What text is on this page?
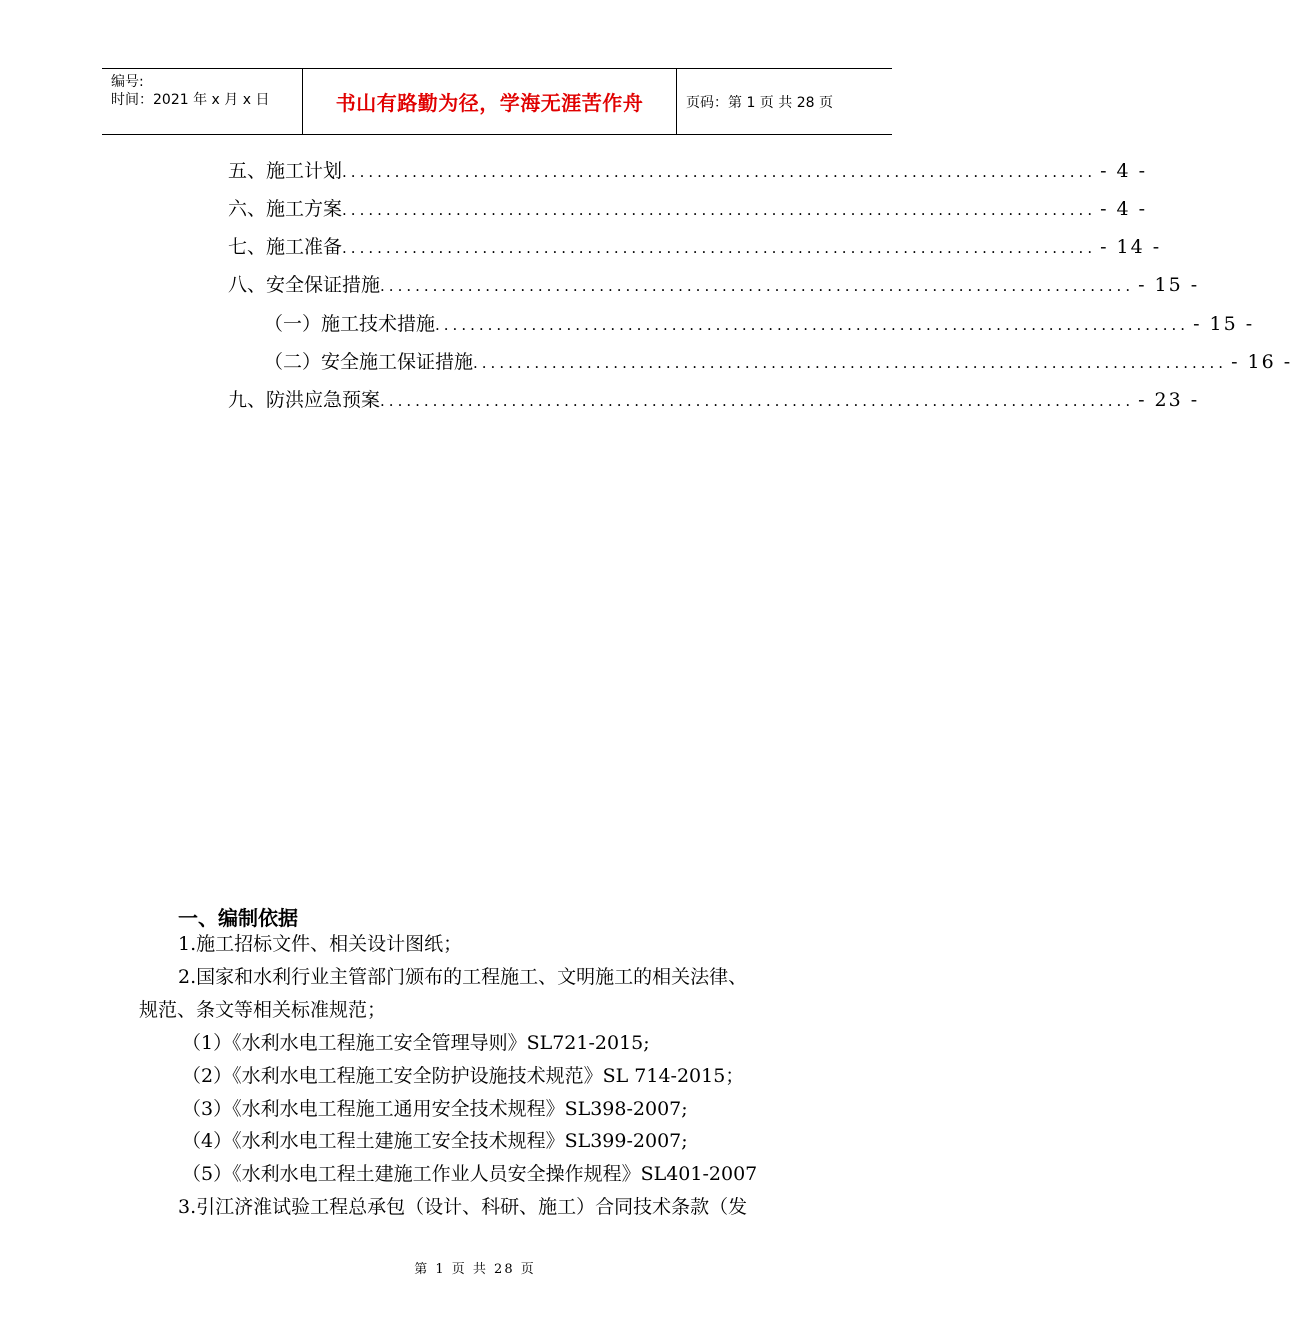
编号:
时间：2021 年 x 月 x 日	书山有路勤为径，学海无涯苦作舟	页码：第 1 页 共 28 页
五、 施工计划 ...................................................................................... - 4 -
六、 施工方案 ...................................................................................... - 4 -
七、 施工准备 ...................................................................................... - 14 -
八、 安全保证措施 ...................................................................................... - 15 -
（一）施工技术措施 ...................................................................................... - 15 -
（二）安全施工保证措施 ...................................................................................... - 16 -
九、 防洪应急预案 ...................................................................................... - 23 -
一、编制依据
1.施工招标文件、相关设计图纸；
2.国家和水利行业主管部门颁布的工程施工、文明施工的相关法律、
规范、条文等相关标准规范；
（1）《水利水电工程施工安全管理导则》SL721-2015;
（2）《水利水电工程施工安全防护设施技术规范》SL 714-2015；
（3）《水利水电工程施工通用安全技术规程》SL398-2007;
（4）《水利水电工程土建施工安全技术规程》SL399-2007;
（5）《水利水电工程土建施工作业人员安全操作规程》SL401-2007
3.引江济淮试验工程总承包（设计、科研、施工）合同技术条款（发
第 1 页 共 28 页
